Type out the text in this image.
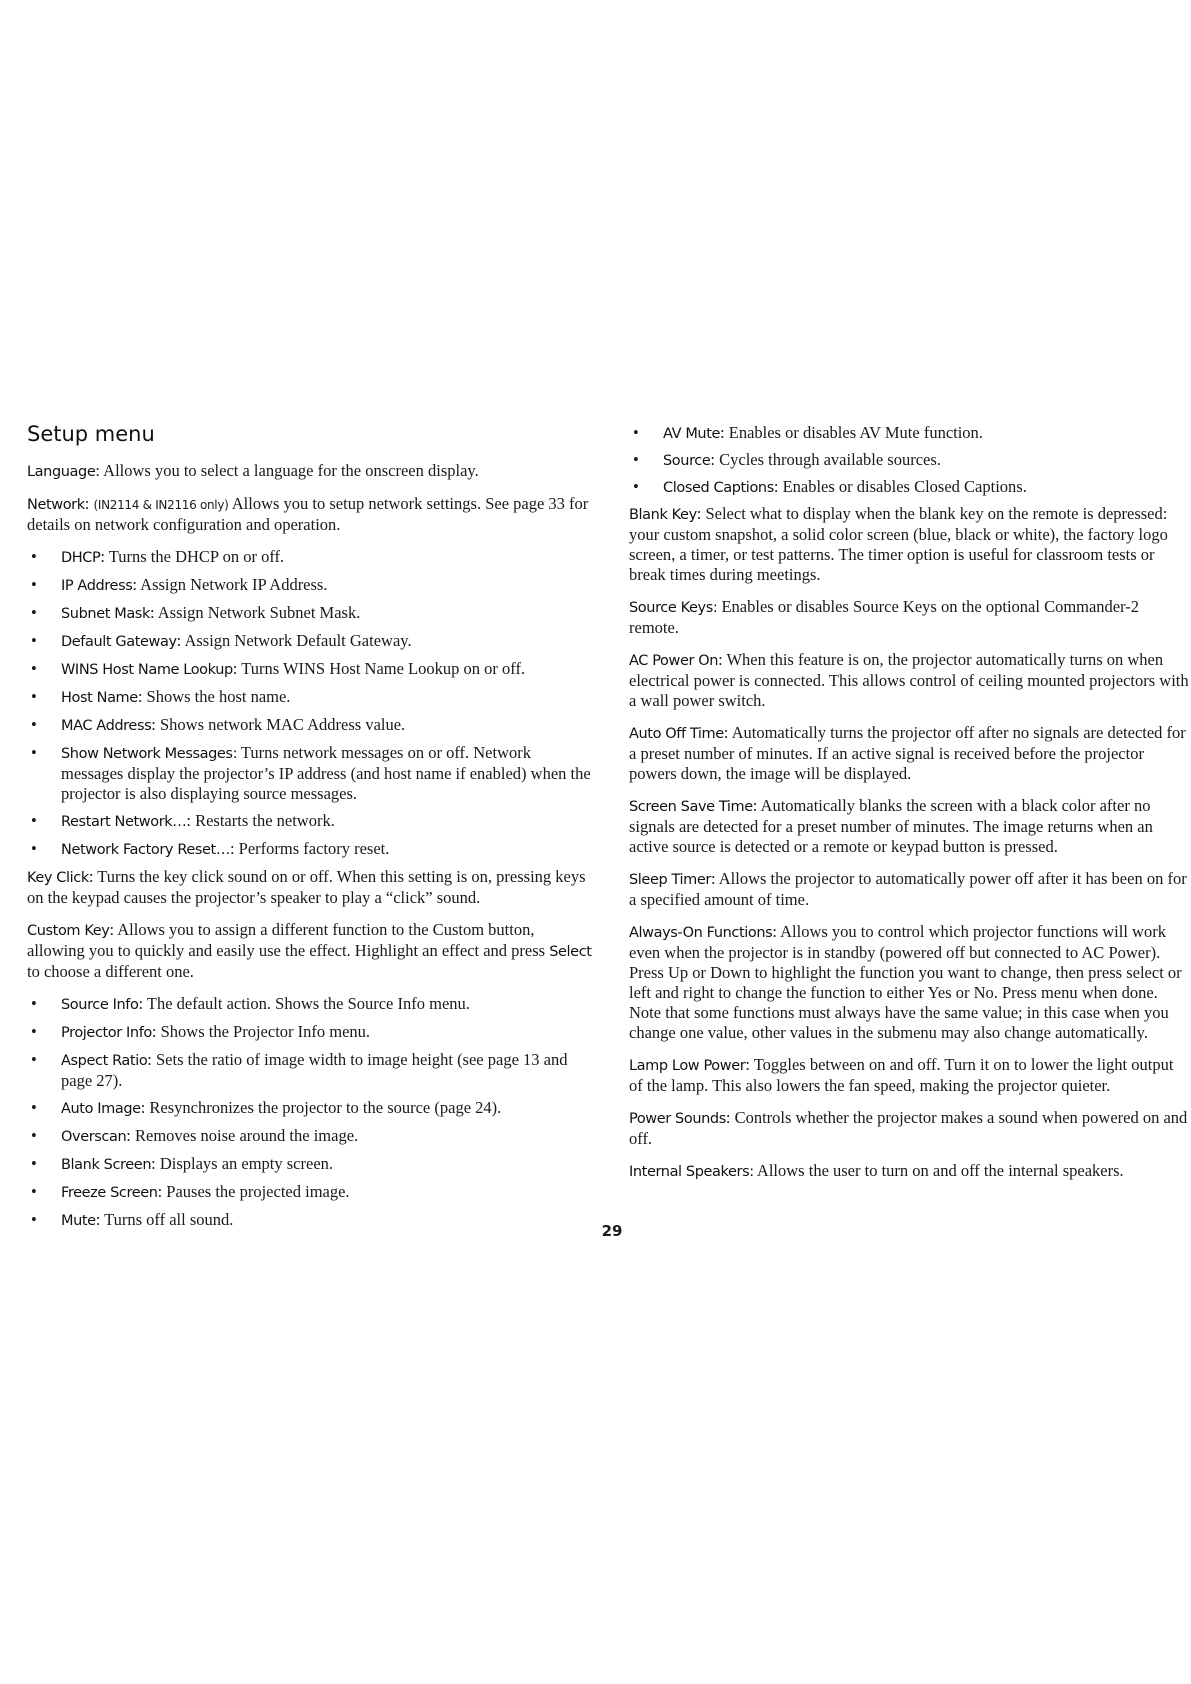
Setup menu

Language: Allows you to select a language for the onscreen display.

Network: (IN2114 & IN2116 only) Allows you to setup network settings. See page 33 for details on network configuration and operation.

• DHCP: Turns the DHCP on or off.
• IP Address: Assign Network IP Address.
• Subnet Mask: Assign Network Subnet Mask.
• Default Gateway: Assign Network Default Gateway.
• WINS Host Name Lookup: Turns WINS Host Name Lookup on or off.
• Host Name: Shows the host name.
• MAC Address: Shows network MAC Address value.
• Show Network Messages: Turns network messages on or off. Network messages display the projector’s IP address (and host name if enabled) when the projector is also displaying source messages.
• Restart Network…: Restarts the network.
• Network Factory Reset…: Performs factory reset.

Key Click: Turns the key click sound on or off. When this setting is on, pressing keys on the keypad causes the projector’s speaker to play a “click” sound.

Custom Key: Allows you to assign a different function to the Custom button, allowing you to quickly and easily use the effect. Highlight an effect and press Select to choose a different one.

• Source Info: The default action. Shows the Source Info menu.
• Projector Info: Shows the Projector Info menu.
• Aspect Ratio: Sets the ratio of image width to image height (see page 13 and page 27).
• Auto Image: Resynchronizes the projector to the source (page 24).
• Overscan: Removes noise around the image.
• Blank Screen: Displays an empty screen.
• Freeze Screen: Pauses the projected image.
• Mute: Turns off all sound.
• AV Mute: Enables or disables AV Mute function.
• Source: Cycles through available sources.
• Closed Captions: Enables or disables Closed Captions.

Blank Key: Select what to display when the blank key on the remote is depressed: your custom snapshot, a solid color screen (blue, black or white), the factory logo screen, a timer, or test patterns. The timer option is useful for classroom tests or break times during meetings.

Source Keys: Enables or disables Source Keys on the optional Commander-2 remote.

AC Power On: When this feature is on, the projector automatically turns on when electrical power is connected. This allows control of ceiling mounted projectors with a wall power switch.

Auto Off Time: Automatically turns the projector off after no signals are detected for a preset number of minutes. If an active signal is received before the projector powers down, the image will be displayed.

Screen Save Time: Automatically blanks the screen with a black color after no signals are detected for a preset number of minutes. The image returns when an active source is detected or a remote or keypad button is pressed.

Sleep Timer: Allows the projector to automatically power off after it has been on for a specified amount of time.

Always-On Functions: Allows you to control which projector functions will work even when the projector is in standby (powered off but connected to AC Power). Press Up or Down to highlight the function you want to change, then press select or left and right to change the function to either Yes or No. Press menu when done. Note that some functions must always have the same value; in this case when you change one value, other values in the submenu may also change automatically.

Lamp Low Power: Toggles between on and off. Turn it on to lower the light output of the lamp. This also lowers the fan speed, making the projector quieter.

Power Sounds: Controls whether the projector makes a sound when powered on and off.

Internal Speakers: Allows the user to turn on and off the internal speakers.

29
